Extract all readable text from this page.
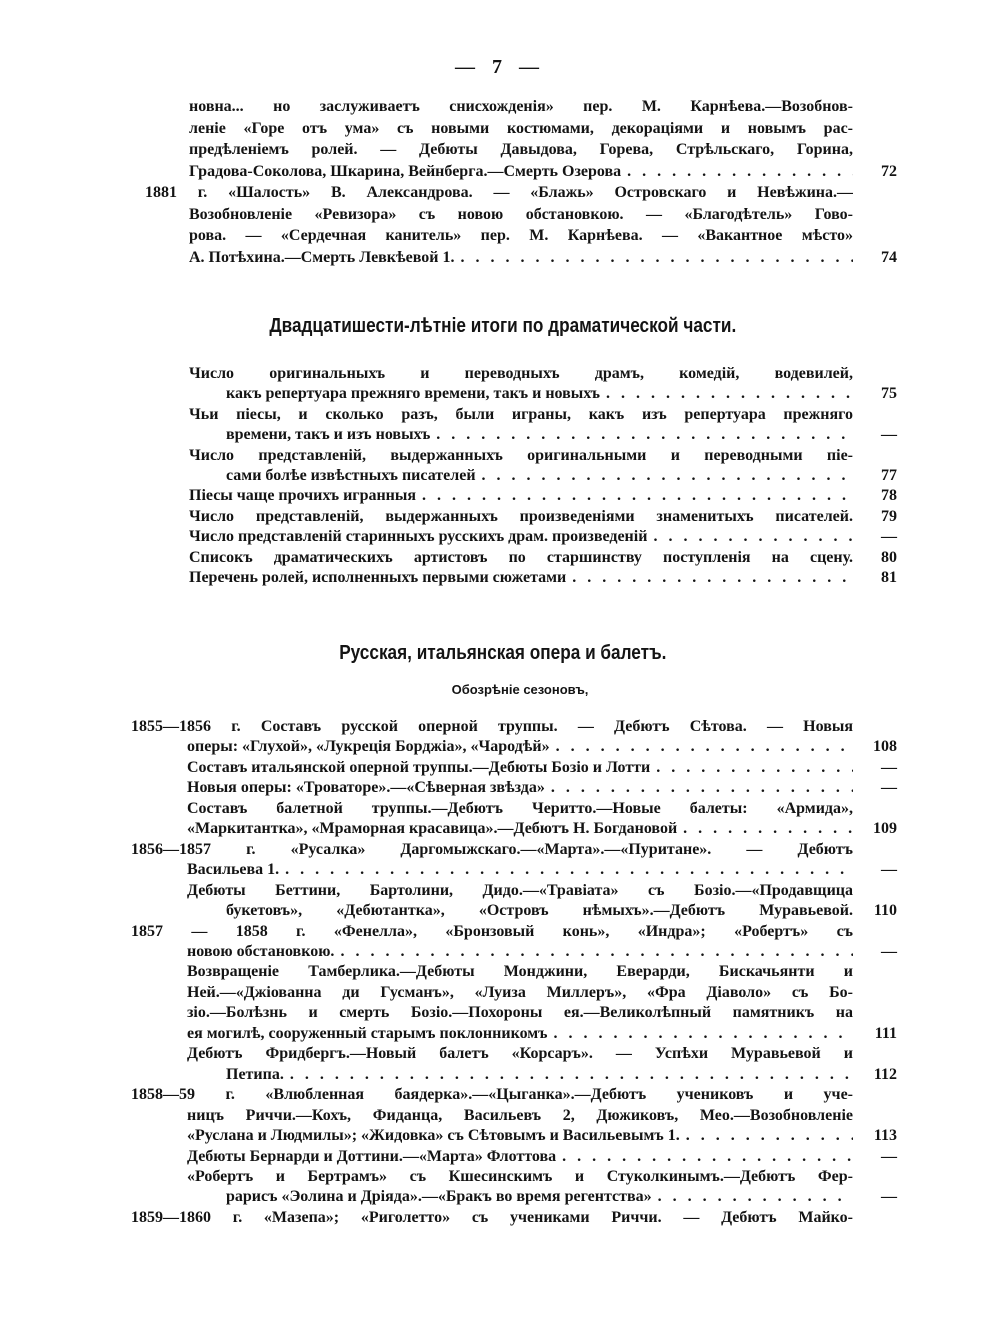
— 7 —
новна... но заслуживаетъ снисхожденія» пер. М. Карнѣева.—Возобнов-
леніе «Горе отъ ума» съ новыми костюмами, декораціями и новымъ рас-
предѣленіемъ ролей. — Дебюты Давыдова, Горева, Стрѣльскаго, Горина,
Градова-Соколова, Шкарина, Вейнберга.—Смерть Озерова . . .	72
1881 г. «Шалость» В. Александрова. — «Блажь» Островскаго и Невѣжина.—
Возобновленіе «Ревизора» съ новою обстановкою. — «Благодѣтель» Гово-
рова. — «Сердечная канитель» пер. М. Карнѣева. — «Вакантное мѣсто»
А. Потѣхина.—Смерть Левкѣевой 1. . . .	74
Двадцатишести-лѣтніе итоги по драматической части.
Число оригинальныхъ и переводныхъ драмъ, комедій, водевилей,
какъ репертуара прежняго времени, такъ и новыхъ . . .	75
Чьи піесы, и сколько разъ, были играны, какъ изъ репертуара прежняго
времени, такъ и изъ новыхъ . . .	—
Число представленій, выдержанныхъ оригинальными и переводными пie-
сами болѣе извѣстныхъ писателей . . .	77
Піесы чаще прочихъ игранныя . . .	78
Число представленій, выдержанныхъ произведеніями знаменитыхъ писателей.	79
Число представленій старинныхъ русскихъ драм. произведеній . . .	—
Списокъ драматическихъ артистовъ по старшинству поступленія на сцену.	80
Перечень ролей, исполненныхъ первыми сюжетами . . .	81
Русская, итальянская опера и балетъ.
Обозрѣніе сезоновъ,
1855—1856 г. Составъ русской оперной труппы. — Дебютъ Сѣтова. — Новыя
оперы: «Глухой», «Лукреція Борджіа», «Чародѣй» . . .	108
Составъ итальянской оперной труппы.—Дебюты Бозіо и Лотти . . .	—
Новыя оперы: «Троваторе».—«Сѣверная звѣзда» . . .	—
Составъ балетной труппы.—Дебютъ Черитто.—Новые балеты: «Армида»,
«Маркитантка», «Мраморная красавица».—Дебютъ Н. Богдановой . . .	109
1856—1857 г. «Русалка» Даргомыжскаго.—«Марта».—«Пуритане». — Дебютъ
Васильева 1. . . .	—
Дебюты Беттини, Бартолини, Дидо.—«Травіата» съ Бозіо.—«Продавщица
букетовъ», «Дебютантка», «Островъ нѣмыхъ».—Дебютъ Муравьевой.	110
1857 — 1858 г. «Фенелла», «Бронзовый конь», «Индра»; «Робертъ» съ
новою обстановкою. . . .	—
Возвращеніе Тамберлика.—Дебюты Монджини, Еверарди, Бискачьянти и
Ней.—«Джіованна ди Гусманъ», «Луиза Миллеръ», «Фра Діаволо» съ Бо-
зіо.—Болѣзнь и смерть Бозіо.—Похороны ея.—Великолѣпный памятникъ на
ея могилѣ, сооруженный старымъ поклонникомъ . . .	111
Дебютъ Фридбергъ.—Новый балетъ «Корсаръ». — Успѣхи Муравьевой и
Петипа. . . .	112
1858—59 г. «Влюбленная баядерка».—«Цыганка».—Дебютъ учениковъ и уче-
ницъ Риччи.—Кохъ, Фиданца, Васильевъ 2, Дюжиковъ, Мео.—Возобновленіе
«Руслана и Людмилы»; «Жидовка» съ Сѣтовымъ и Васильевымъ 1. . . .	113
Дебюты Бернарди и Доттини.—«Марта» Флоттова . . .	—
«Робертъ и Бертрамъ» съ Кшесинскимъ и Стуколкинымъ.—Дебютъ Фер-
рарисъ «Эолина и Дріяда».—«Бракъ во время регентства» . . .	—
1859—1860 г. «Мазепа»; «Риголетто» съ учениками Риччи. — Дебютъ Майко-
